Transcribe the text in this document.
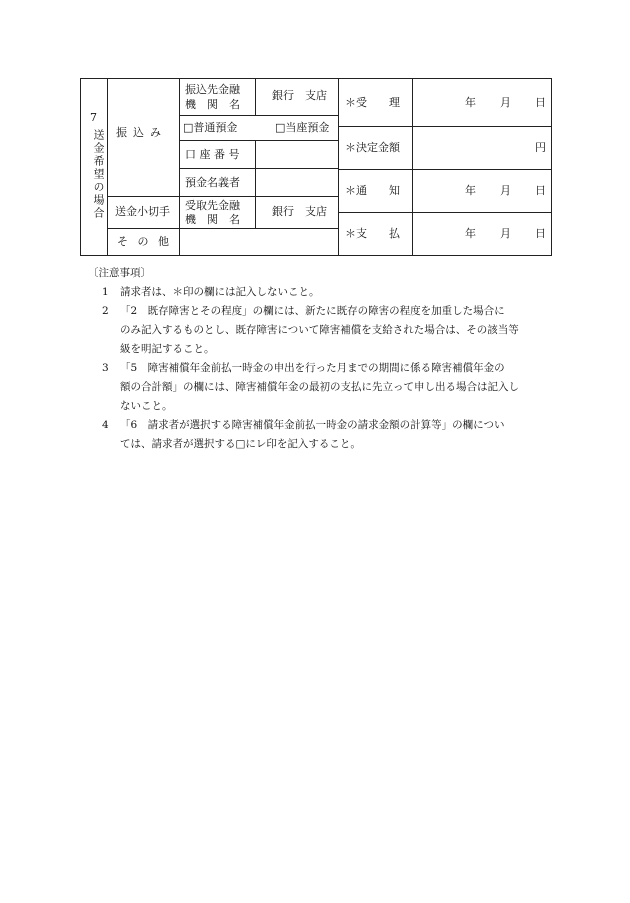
7
送金希望の場合 振込み
振込先金融
機　関　名
銀行　支店
□普通預金	□当座預金
口 座 番 号
預金名義者
送金小切手 受取先金融
機　関　名
銀行　支店
そ の 他
＊受　　理
＊決定金額
＊通　　知
＊支　　払
年 月 日
円
年 月 日
年 月 日
〔注意事項〕
1 請求者は、＊印の欄には記入しないこと。
2 「2　既存障害とその程度」の欄には、新たに既存の障害の程度を加重した場合に
のみ記入するものとし、既存障害について障害補償を支給された場合は、その該当等
級を明記すること。
3 「5　障害補償年金前払一時金の申出を行った月までの期間に係る障害補償年金の
額の合計額」の欄には、障害補償年金の最初の支払に先立って申し出る場合は記入し
ないこと。
4 「6　請求者が選択する障害補償年金前払一時金の請求金額の計算等」の欄につい
ては、請求者が選択する□にレ印を記入すること。
